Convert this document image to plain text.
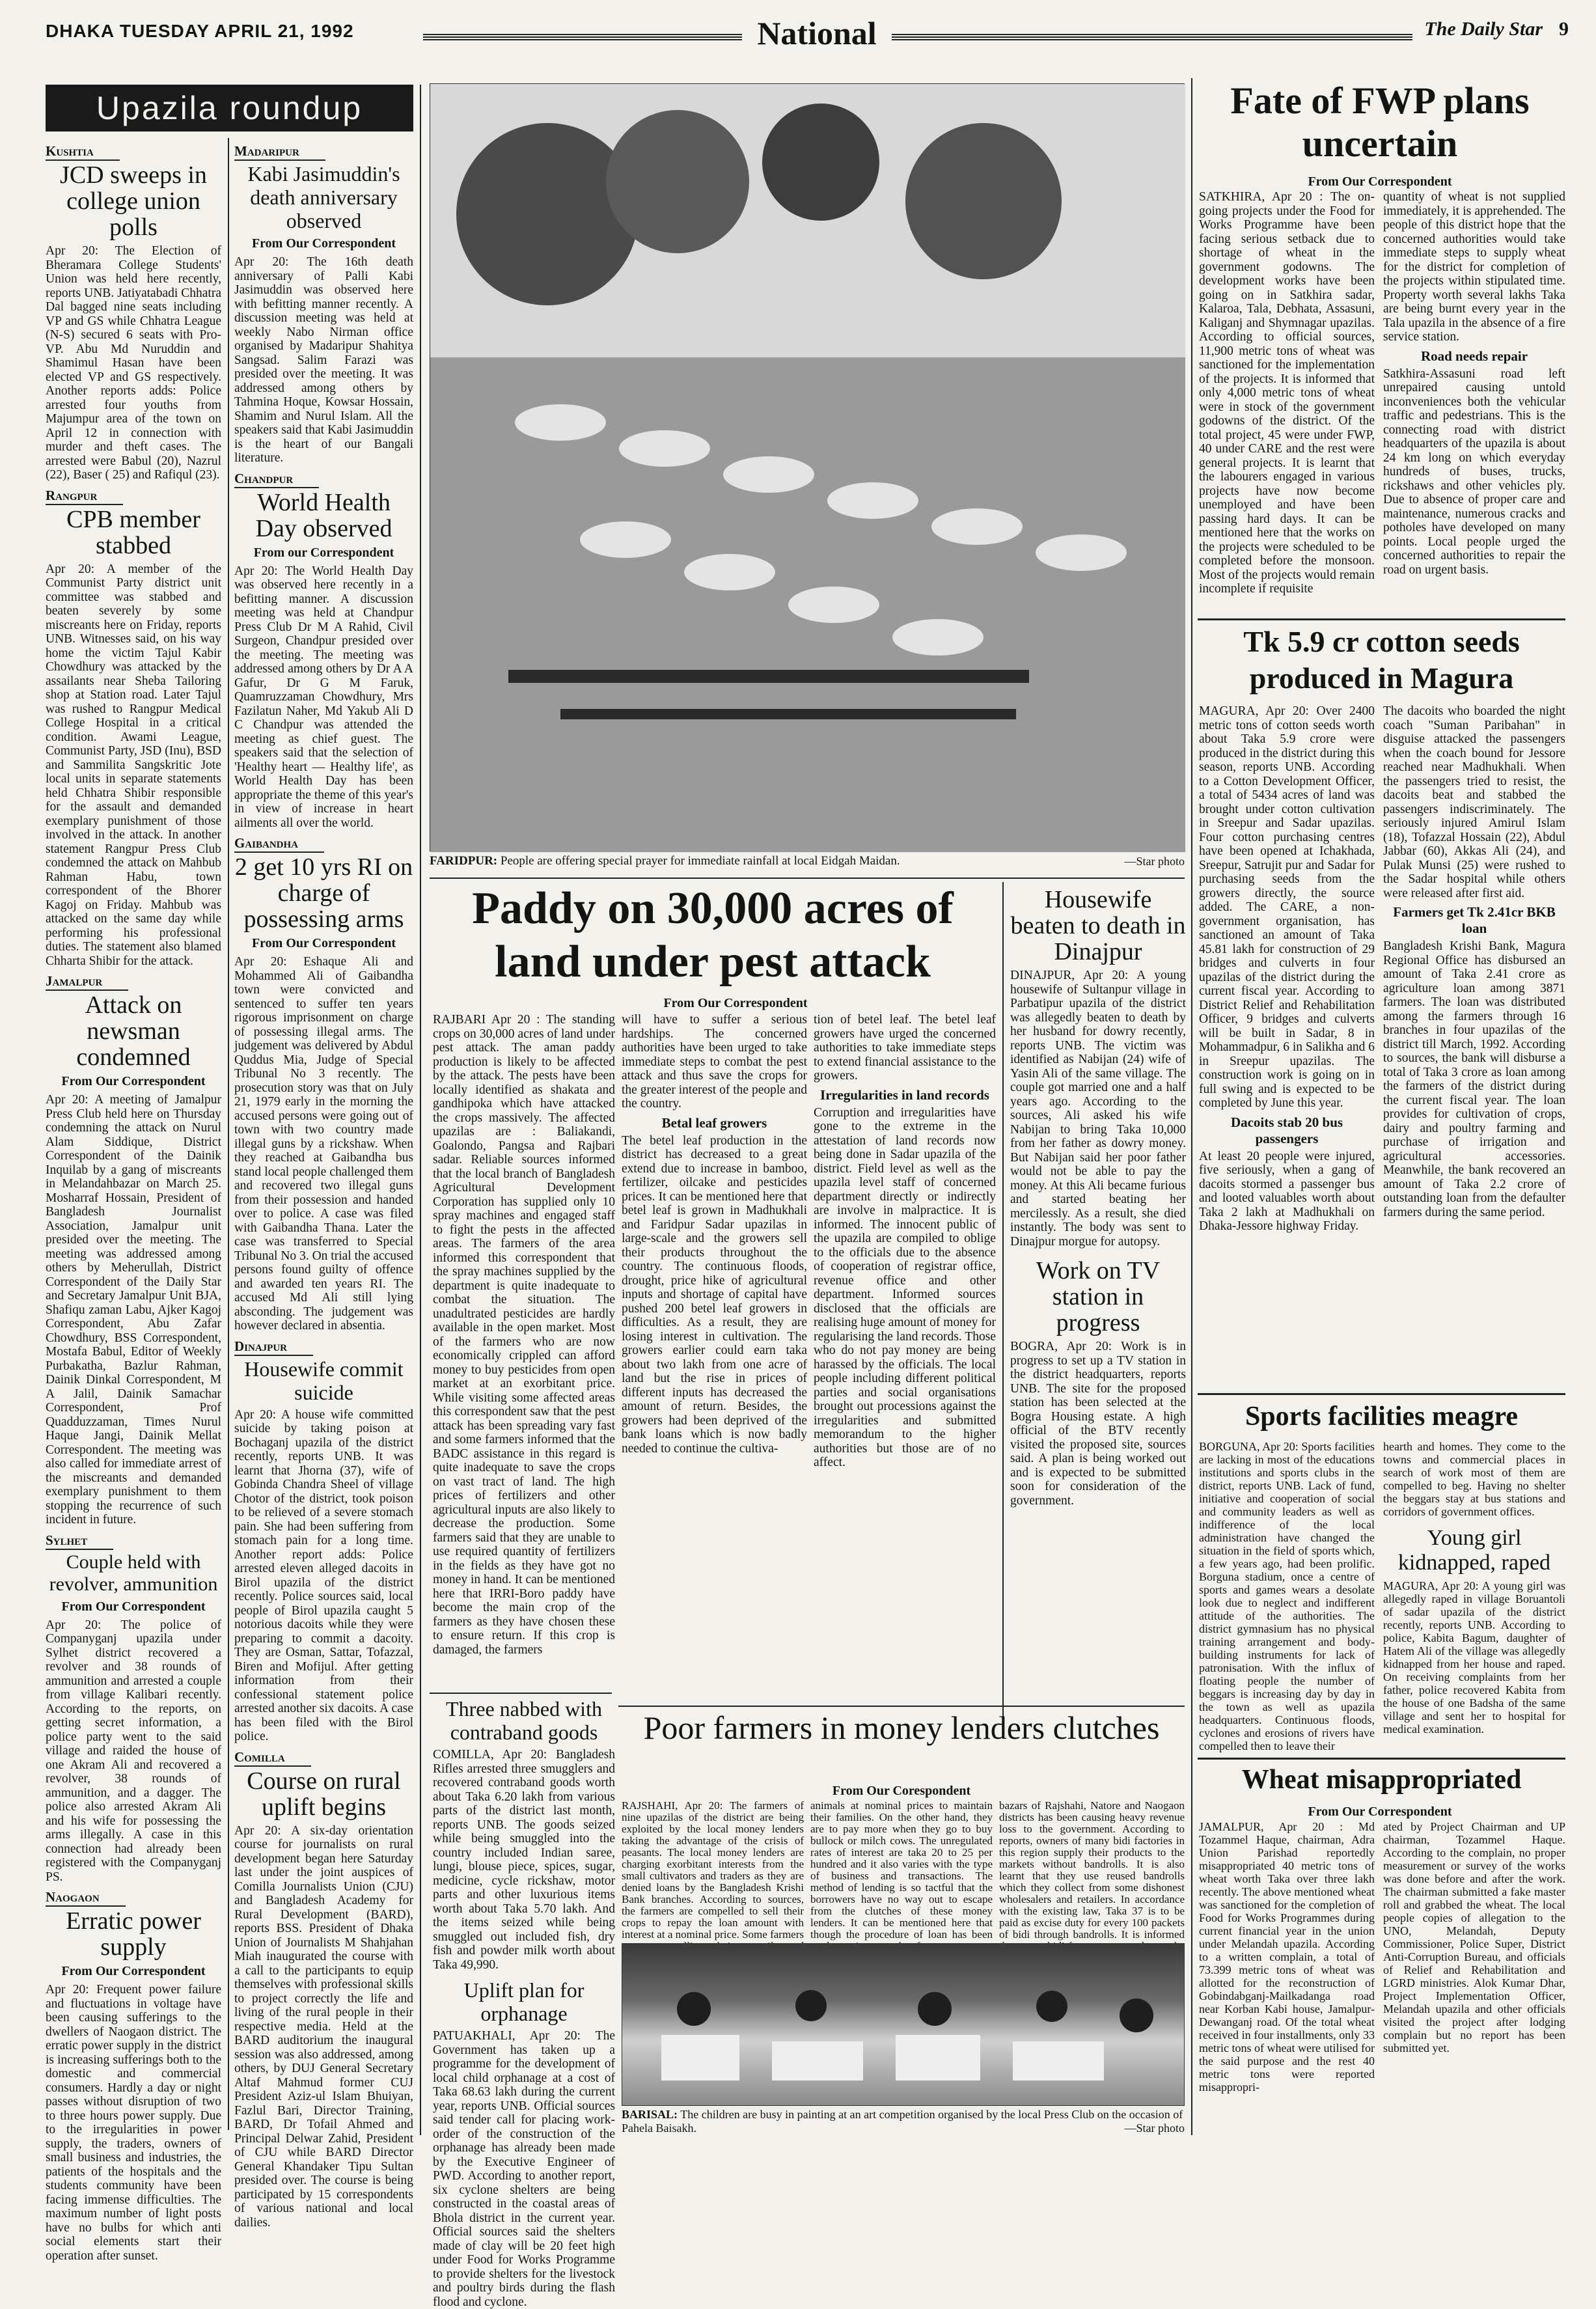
DHAKA TUESDAY APRIL 21, 1992	National	The Daily Star 9
Upazila roundup
Kushtia
JCD sweeps in college union polls

Apr 20: The Election of Bheramara College Students' Union was held here recently, reports UNB. Jatiyatabadi Chhatra Dal bagged nine seats including VP and GS while Chhatra League (N-S) secured 6 seats with Pro-VP. Abu Md Nuruddin and Shamimul Hasan have been elected VP and GS respectively. Another reports adds: Police arrested four youths from Majumpur area of the town on April 12 in connection with murder and theft cases. The arrested were Babul (20), Nazrul (22), Baser ( 25) and Rafiqul (23).

Rangpur
CPB member stabbed

Apr 20: A member of the Communist Party district unit committee was stabbed and beaten severely by some miscreants here on Friday, reports UNB. Witnesses said, on his way home the victim Tajul Kabir Chowdhury was attacked by the assailants near Sheba Tailoring shop at Station road. Later Tajul was rushed to Rangpur Medical College Hospital in a critical condition. Awami League, Communist Party, JSD (Inu), BSD and Sammilita Sangskritic Jote local units in separate statements held Chhatra Shibir responsible for the assault and demanded exemplary punishment of those involved in the attack. In another statement Rangpur Press Club condemned the attack on Mahbub Rahman Habu, town correspondent of the Bhorer Kagoj on Friday. Mahbub was attacked on the same day while performing his professional duties. The statement also blamed Chharta Shibir for the attack.

Jamalpur
Attack on newsman condemned
From Our Correspondent

Apr 20: A meeting of Jamalpur Press Club held here on Thursday condemning the attack on Nurul Alam Siddique, District Correspondent of the Dainik Inquilab by a gang of miscreants in Melandahbazar on March 25. Mosharraf Hossain, President of Bangladesh Journalist Association, Jamalpur unit presided over the meeting. The meeting was addressed among others by Meherullah, District Correspondent of the Daily Star and Secretary Jamalpur Unit BJA, Shafiqu zaman Labu, Ajker Kagoj Correspondent, Abu Zafar Chowdhury, BSS Correspondent, Mostafa Babul, Editor of Weekly Purbakatha, Bazlur Rahman, Dainik Dinkal Correspondent, M A Jalil, Dainik Samachar Correspondent, Prof Quadduzzaman, Times Nurul Haque Jangi, Dainik Mellat Correspondent. The meeting was also called for immediate arrest of the miscreants and demanded exemplary punishment to them stopping the recurrence of such incident in future.

Sylhet
Couple held with revolver, ammunition
From Our Correspondent

Apr 20: The police of Companyganj upazila under Sylhet district recovered a revolver and 38 rounds of ammunition and arrested a couple from village Kalibari recently. According to the reports, on getting secret information, a police party went to the said village and raided the house of one Akram Ali and recovered a revolver, 38 rounds of ammunition, and a dagger. The police also arrested Akram Ali and his wife for possessing the arms illegally. A case in this connection had already been registered with the Companyganj PS.

Naogaon
Erratic power supply
From Our Correspondent

Apr 20: Frequent power failure and fluctuations in voltage have been causing sufferings to the dwellers of Naogaon district. The erratic power supply in the district is increasing sufferings both to the domestic and commercial consumers. Hardly a day or night passes without disruption of two to three hours power supply. Due to the irregularities in power supply, the traders, owners of small business and industries, the patients of the hospitals and the students community have been facing immense difficulties. The maximum number of light posts have no bulbs for which anti social elements start their operation after sunset.

Madaripur
Kabi Jasimuddin's death anniversary observed
From Our Correspondent

Apr 20: The 16th death anniversary of Palli Kabi Jasimuddin was observed here with befitting manner recently. A discussion meeting was held at weekly Nabo Nirman office organised by Madaripur Shahitya Sangsad. Salim Farazi was presided over the meeting. It was addressed among others by Tahmina Hoque, Kowsar Hossain, Shamim and Nurul Islam. All the speakers said that Kabi Jasimuddin is the heart of our Bangali literature.

Chandpur
World Health Day observed
From our Correspondent

Apr 20: The World Health Day was observed here recently in a befitting manner. A discussion meeting was held at Chandpur Press Club Dr M A Rahid, Civil Surgeon, Chandpur presided over the meeting. The meeting was addressed among others by Dr A A Gafur, Dr G M Faruk, Quamruzzaman Chowdhury, Mrs Fazilatun Naher, Md Yakub Ali D C Chandpur was attended the meeting as chief guest. The speakers said that the selection of 'Healthy heart — Healthy life', as World Health Day has been appropriate the theme of this year's in view of increase in heart ailments all over the world.

Gaibandha
2 get 10 yrs RI on charge of possessing arms
From Our Correspondent

Apr 20: Eshaque Ali and Mohammed Ali of Gaibandha town were convicted and sentenced to suffer ten years rigorous imprisonment on charge of possessing illegal arms. The judgement was delivered by Abdul Quddus Mia, Judge of Special Tribunal No 3 recently. The prosecution story was that on July 21, 1979 early in the morning the accused persons were going out of town with two country made illegal guns by a rickshaw. When they reached at Gaibandha bus stand local people challenged them and recovered two illegal guns from their possession and handed over to police. A case was filed with Gaibandha Thana. Later the case was transferred to Special Tribunal No 3. On trial the accused persons found guilty of offence and awarded ten years RI. The accused Md Ali still lying absconding. The judgement was however declared in absentia.

Dinajpur
Housewife commit suicide

Apr 20: A house wife committed suicide by taking poison at Bochaganj upazila of the district recently, reports UNB. It was learnt that Jhorna (37), wife of Gobinda Chandra Sheel of village Chotor of the district, took poison to be relieved of a severe stomach pain. She had been suffering from stomach pain for a long time. Another report adds: Police arrested eleven alleged dacoits in Birol upazila of the district recently. Police sources said, local people of Birol upazila caught 5 notorious dacoits while they were preparing to commit a dacoity. They are Osman, Sattar, Tofazzal, Biren and Mofijul. After getting information from their confessional statement police arrested another six dacoits. A case has been filed with the Birol police.

Comilla
Course on rural uplift begins

Apr 20: A six-day orientation course for journalists on rural development began here Saturday last under the joint auspices of Comilla Journalists Union (CJU) and Bangladesh Academy for Rural Development (BARD), reports BSS. President of Dhaka Union of Journalists M Shahjahan Miah inaugurated the course with a call to the participants to equip themselves with professional skills to project correctly the life and living of the rural people in their respective media. Held at the BARD auditorium the inaugural session was also addressed, among others, by DUJ General Secretary Altaf Mahmud former CUJ President Aziz-ul Islam Bhuiyan, Fazlul Bari, Director Training, BARD, Dr Tofail Ahmed and Principal Delwar Zahid, President of CJU while BARD Director General Khandaker Tipu Sultan presided over. The course is being participated by 15 correspondents of various national and local dailies.

FARIDPUR: People are offering special prayer for immediate rainfall at local Eidgah Maidan.	—Star photo
Paddy on 30,000 acres of land under pest attack
From Our Correspondent

RAJBARI Apr 20 : The standing crops on 30,000 acres of land under pest attack. The aman paddy production is likely to be affected by the attack. The pests have been locally identified as shakata and gandhipoka which have attacked the crops massively. The affected upazilas are : Baliakandi, Goalondo, Pangsa and Rajbari sadar. Reliable sources informed that the local branch of Bangladesh Agricultural Development Corporation has supplied only 10 spray machines and engaged staff to fight the pests in the affected areas. The farmers of the area informed this correspondent that the spray machines supplied by the department is quite inadequate to combat the situation. The unadultrated pesticides are hardly available in the open market. Most of the farmers who are now economically crippled can afford money to buy pesticides from open market at an exorbitant price. While visiting some affected areas this correspondent saw that the pest attack has been spreading vary fast and some farmers informed that the BADC assistance in this regard is quite inadequate to save the crops on vast tract of land. The high prices of fertilizers and other agricultural inputs are also likely to decrease the production. Some farmers said that they are unable to use required quantity of fertilizers in the fields as they have got no money in hand. It can be mentioned here that IRRI-Boro paddy have become the main crop of the farmers as they have chosen these to ensure return. If this crop is damaged, the farmers

will have to suffer a serious hardships. The concerned authorities have been urged to take immediate steps to combat the pest attack and thus save the crops for the greater interest of the people and the country.

Betal leaf growers

The betel leaf production in the district has decreased to a great extend due to increase in bamboo, fertilizer, oilcake and pesticides prices. It can be mentioned here that betel leaf is grown in Madhukhali and Faridpur Sadar upazilas in large-scale and the growers sell their products throughout the country. The continuous floods, drought, price hike of agricultural inputs and shortage of capital have pushed 200 betel leaf growers in difficulties. As a result, they are losing interest in cultivation. The growers earlier could earn taka about two lakh from one acre of land but the rise in prices of different inputs has decreased the amount of return. Besides, the growers had been deprived of the bank loans which is now badly needed to continue the cultiva-

tion of betel leaf. The betel leaf growers have urged the concerned authorities to take immediate steps to extend financial assistance to the growers.

Irregularities in land records

Corruption and irregularities have gone to the extreme in the attestation of land records now being done in Sadar upazila of the district. Field level as well as the upazila level staff of concerned department directly or indirectly are involve in malpractice. It is informed. The innocent public of the upazila are compiled to oblige to the officials due to the absence of cooperation of registrar office, revenue office and other department. Informed sources disclosed that the officials are realising huge amount of money for regularising the land records. Those who do not pay money are being harassed by the officials. The local people including different political parties and social organisations brought out processions against the irregularities and submitted memorandum to the higher authorities but those are of no affect.

Housewife beaten to death in Dinajpur

DINAJPUR, Apr 20: A young housewife of Sultanpur village in Parbatipur upazila of the district was allegedly beaten to death by her husband for dowry recently, reports UNB. The victim was identified as Nabijan (24) wife of Yasin Ali of the same village. The couple got married one and a half years ago. According to the sources, Ali asked his wife Nabijan to bring Taka 10,000 from her father as dowry money. But Nabijan said her poor father would not be able to pay the money. At this Ali became furious and started beating her mercilessly. As a result, she died instantly. The body was sent to Dinajpur morgue for autopsy.

Work on TV station in progress

BOGRA, Apr 20: Work is in progress to set up a TV station in the district headquarters, reports UNB. The site for the proposed station has been selected at the Bogra Housing estate. A high official of the BTV recently visited the proposed site, sources said. A plan is being worked out and is expected to be submitted soon for consideration of the government.

Three nabbed with contraband goods

COMILLA, Apr 20: Bangladesh Rifles arrested three smugglers and recovered contraband goods worth about Taka 6.20 lakh from various parts of the district last month, reports UNB. The goods seized while being smuggled into the country included Indian saree, lungi, blouse piece, spices, sugar, medicine, cycle rickshaw, motor parts and other luxurious items worth about Taka 5.70 lakh. And the items seized while being smuggled out included fish, dry fish and powder milk worth about Taka 49,990.

Uplift plan for orphanage

PATUAKHALI, Apr 20: The Government has taken up a programme for the development of local child orphanage at a cost of Taka 68.63 lakh during the current year, reports UNB. Official sources said tender call for placing work-order of the construction of the orphanage has already been made by the Executive Engineer of PWD. According to another report, six cyclone shelters are being constructed in the coastal areas of Bhola district in the current year. Official sources said the shelters made of clay will be 20 feet high under Food for Works Programme to provide shelters for the livestock and poultry birds during the flash flood and cyclone.

Poor farmers in money lenders clutches
From Our Corespondent

RAJSHAHI, Apr 20: The farmers of nine upazilas of the district are being exploited by the local money lenders taking the advantage of the crisis of peasants. The local money lenders are charging exorbitant interests from the small cultivators and traders as they are denied loans by the Bangladesh Krishi Bank branches. According to sources, the farmers are compelled to sell their crops to repay the loan amount with interest at a nominal price. Some farmers

animals at nominal prices to maintain their families. On the other hand, they are to pay more when they go to buy bullock or milch cows. The unregulated rates of interest are taka 20 to 25 per hundred and it also varies with the type of business and transactions. The method of lending is so tactful that the borrowers have no way out to escape from the clutches of these money lenders. It can be mentioned here that though the procedure of loan has been

bazars of Rajshahi, Natore and Naogaon districts has been causing heavy revenue loss to the government. According to reports, owners of many bidi factories in this region supply their products to the markets without bandrolls. It is also learnt that they use reused bandrolls which they collect from some dishonest wholesalers and retailers. In accordance with the existing law, Taka 37 is to be paid as excise duty for every 100 packets of bidi through bandrolls. It is informed

BARISAL: The children are busy in painting at an art competition organised by the local Press Club on the occasion of Pahela Baisakh.	—Star photo
Fate of FWP plans uncertain
From Our Correspondent

SATKHIRA, Apr 20 : The on-going projects under the Food for Works Programme have been facing serious setback due to shortage of wheat in the government godowns. The development works have been going on in Satkhira sadar, Kalaroa, Tala, Debhata, Assasuni, Kaliganj and Shymnagar upazilas. According to official sources, 11,900 metric tons of wheat was sanctioned for the implementation of the projects. It is informed that only 4,000 metric tons of wheat were in stock of the government godowns of the district. Of the total project, 45 were under FWP, 40 under CARE and the rest were general projects. It is learnt that the labourers engaged in various projects have now become unemployed and have been passing hard days. It can be mentioned here that the works on the projects were scheduled to be completed before the monsoon. Most of the projects would remain incomplete if requisite

quantity of wheat is not supplied immediately, it is apprehended. The people of this district hope that the concerned authorities would take immediate steps to supply wheat for the district for completion of the projects within stipulated time. Property worth several lakhs Taka are being burnt every year in the Tala upazila in the absence of a fire service station.

Road needs repair

Satkhira-Assasuni road left unrepaired causing untold inconveniences both the vehicular traffic and pedestrians. This is the connecting road with district headquarters of the upazila is about 24 km long on which everyday hundreds of buses, trucks, rickshaws and other vehicles ply. Due to absence of proper care and maintenance, numerous cracks and potholes have developed on many points. Local people urged the concerned authorities to repair the road on urgent basis.

Tk 5.9 cr cotton seeds produced in Magura

MAGURA, Apr 20: Over 2400 metric tons of cotton seeds worth about Taka 5.9 crore were produced in the district during this season, reports UNB. According to a Cotton Development Officer, a total of 5434 acres of land was brought under cotton cultivation in Sreepur and Sadar upazilas. Four cotton purchasing centres have been opened at Ichakhada, Sreepur, Satrujit pur and Sadar for purchasing seeds from the growers directly, the source added. The CARE, a non-government organisation, has sanctioned an amount of Taka 45.81 lakh for construction of 29 bridges and culverts in four upazilas of the district during the current fiscal year. According to District Relief and Rehabilitation Officer, 9 bridges and culverts will be built in Sadar, 8 in Mohammadpur, 6 in Salikha and 6 in Sreepur upazilas. The construction work is going on in full swing and is expected to be completed by June this year.

Dacoits stab 20 bus passengers

At least 20 people were injured, five seriously, when a gang of dacoits stormed a passenger bus and looted valuables worth about Taka 2 lakh at Madhukhali on Dhaka-Jessore highway Friday.

The dacoits who boarded the night coach "Suman Paribahan" in disguise attacked the passengers when the coach bound for Jessore reached near Madhukhali. When the passengers tried to resist, the dacoits beat and stabbed the passengers indiscriminately. The seriously injured Amirul Islam (18), Tofazzal Hossain (22), Abdul Jabbar (60), Akkas Ali (24), and Pulak Munsi (25) were rushed to the Sadar hospital while others were released after first aid.

Farmers get Tk 2.41cr BKB loan

Bangladesh Krishi Bank, Magura Regional Office has disbursed an amount of Taka 2.41 crore as agriculture loan among 3871 farmers. The loan was distributed among the farmers through 16 branches in four upazilas of the district till March, 1992. According to sources, the bank will disburse a total of Taka 3 crore as loan among the farmers of the district during the current fiscal year. The loan provides for cultivation of crops, dairy and poultry farming and purchase of irrigation and agricultural accessories. Meanwhile, the bank recovered an amount of Taka 2.2 crore of outstanding loan from the defaulter farmers during the same period.

Sports facilities meagre

BORGUNA, Apr 20: Sports facilities are lacking in most of the educations institutions and sports clubs in the district, reports UNB. Lack of fund, initiative and cooperation of social and community leaders as well as indifference of the local administration have changed the situation in the field of sports which, a few years ago, had been prolific. Borguna stadium, once a centre of sports and games wears a desolate look due to neglect and indifferent attitude of the authorities. The district gymnasium has no physical training arrangement and body-building instruments for lack of patronisation. With the influx of floating people the number of beggars is increasing day by day in the town as well as upazila headquarters. Continuous floods, cyclones and erosions of rivers have compelled then to leave their

hearth and homes. They come to the towns and commercial places in search of work most of them are compelled to beg. Having no shelter the beggars stay at bus stations and corridors of government offices.

Young girl kidnapped, raped

MAGURA, Apr 20: A young girl was allegedly raped in village Boruantoli of sadar upazila of the district recently, reports UNB. According to police, Kabita Bagum, daughter of Hatem Ali of the village was allegedly kidnapped from her house and raped. On receiving complaints from her father, police recovered Kabita from the house of one Badsha of the same village and sent her to hospital for medical examination.

Wheat misappropriated
From Our Correspondent

JAMALPUR, Apr 20 : Md Tozammel Haque, chairman, Adra Union Parishad reportedly misappropriated 40 metric tons of wheat worth Taka over three lakh recently. The above mentioned wheat was sanctioned for the completion of Food for Works Programmes during current financial year in the union under Melandah upazila. According to a written complain, a total of 73.399 metric tons of wheat was allotted for the reconstruction of Gobindabganj-Mailkadanga road near Korban Kabi house, Jamalpur-Dewanganj road. Of the total wheat received in four installments, only 33 metric tons of wheat were utilised for the said purpose and the rest 40 metric tons were reported misappropri-

ated by Project Chairman and UP chairman, Tozammel Haque. According to the complain, no proper measurement or survey of the works was done before and after the work. The chairman submitted a fake master roll and grabbed the wheat. The local people copies of allegation to the UNO, Melandah, Deputy Commissioner, Police Super, District Anti-Corruption Bureau, and officials of Relief and Rehabilitation and LGRD ministries. Alok Kumar Dhar, Project Implementation Officer, Melandah upazila and other officials visited the project after lodging complain but no report has been submitted yet.
